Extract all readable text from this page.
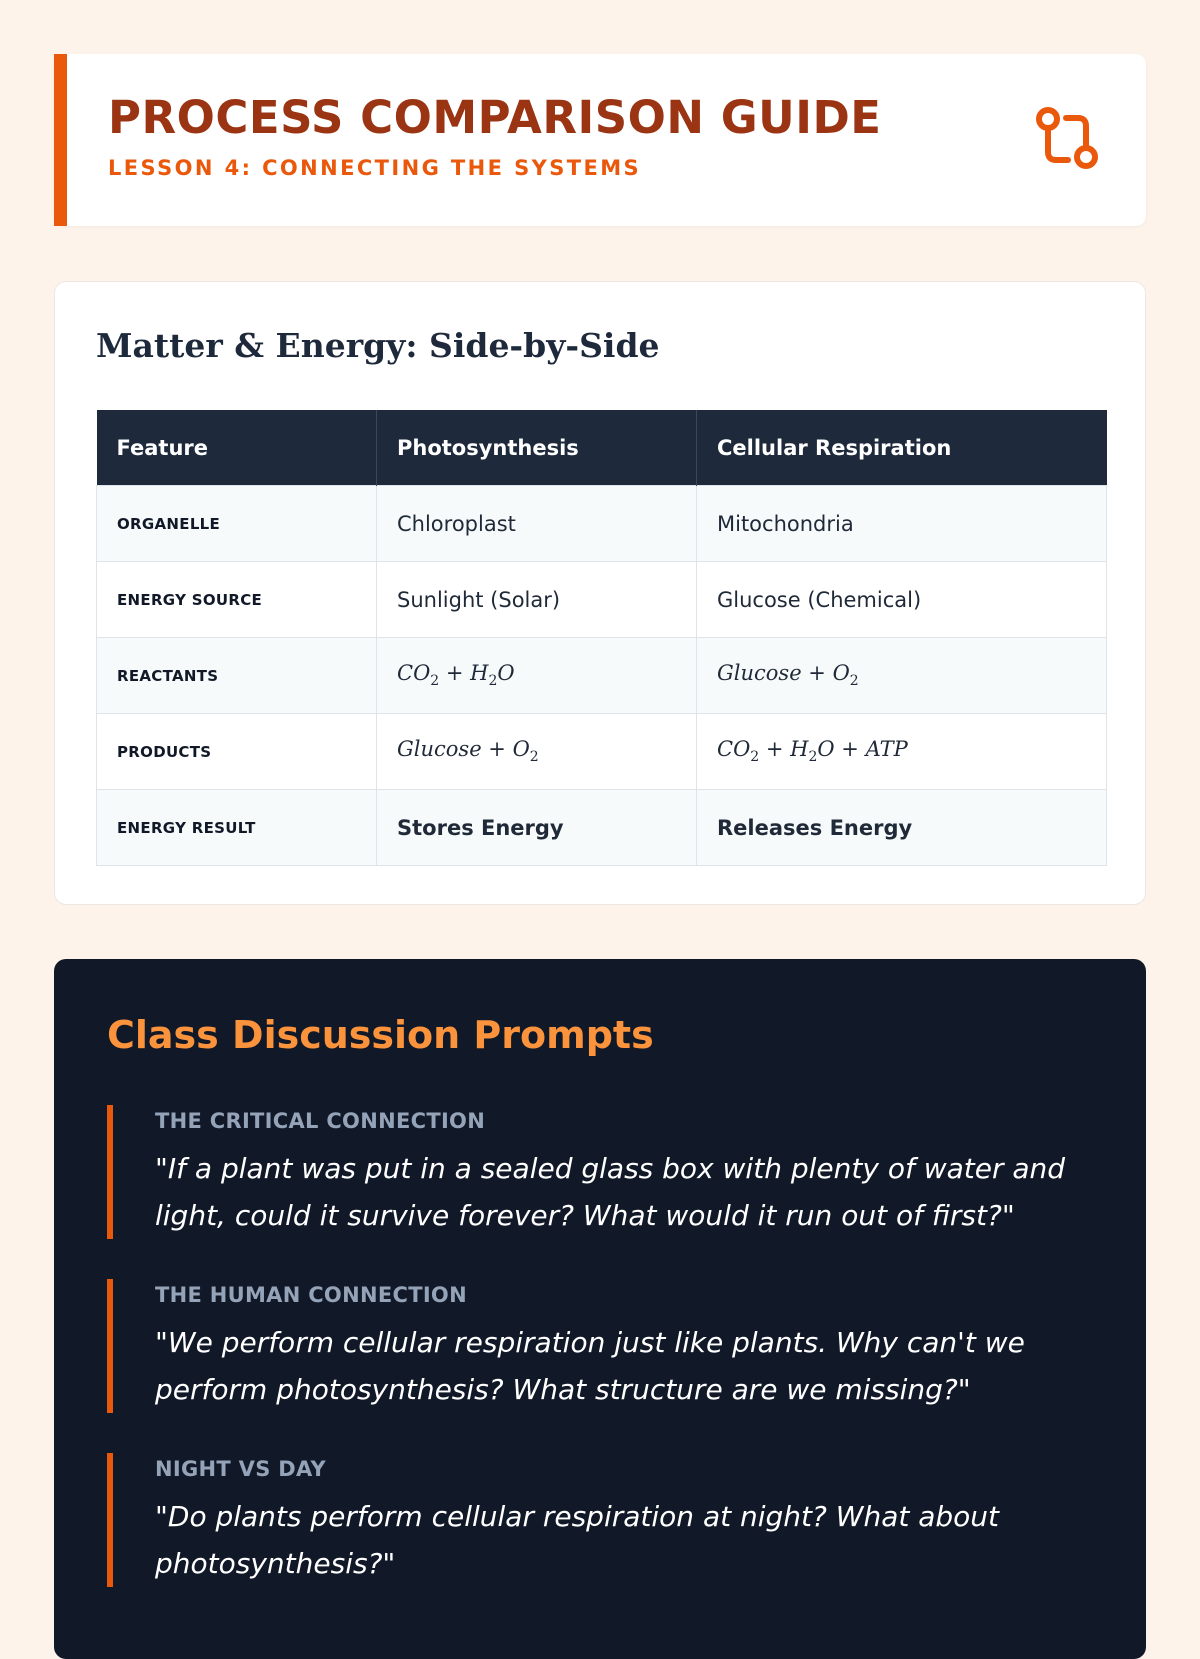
PROCESS COMPARISON GUIDE
LESSON 4: CONNECTING THE SYSTEMS
Matter & Energy: Side-by-Side
Feature	Photosynthesis	Cellular Respiration
ORGANELLE	Chloroplast	Mitochondria
ENERGY SOURCE	Sunlight (Solar)	Glucose (Chemical)
REACTANTS	$CO_2 + H_2O$	$Glucose + O_2$
PRODUCTS	$Glucose + O_2$	$CO_2 + H_2O$ + ATP
ENERGY RESULT	Stores Energy	Releases Energy
Class Discussion Prompts
THE CRITICAL CONNECTION
"If a plant was put in a sealed glass box with plenty of water and light, could it survive forever? What would it run out of first?"
THE HUMAN CONNECTION
"We perform cellular respiration just like plants. Why can't we perform photosynthesis? What structure are we missing?"
NIGHT VS DAY
"Do plants perform cellular respiration at night? What about photosynthesis?"
